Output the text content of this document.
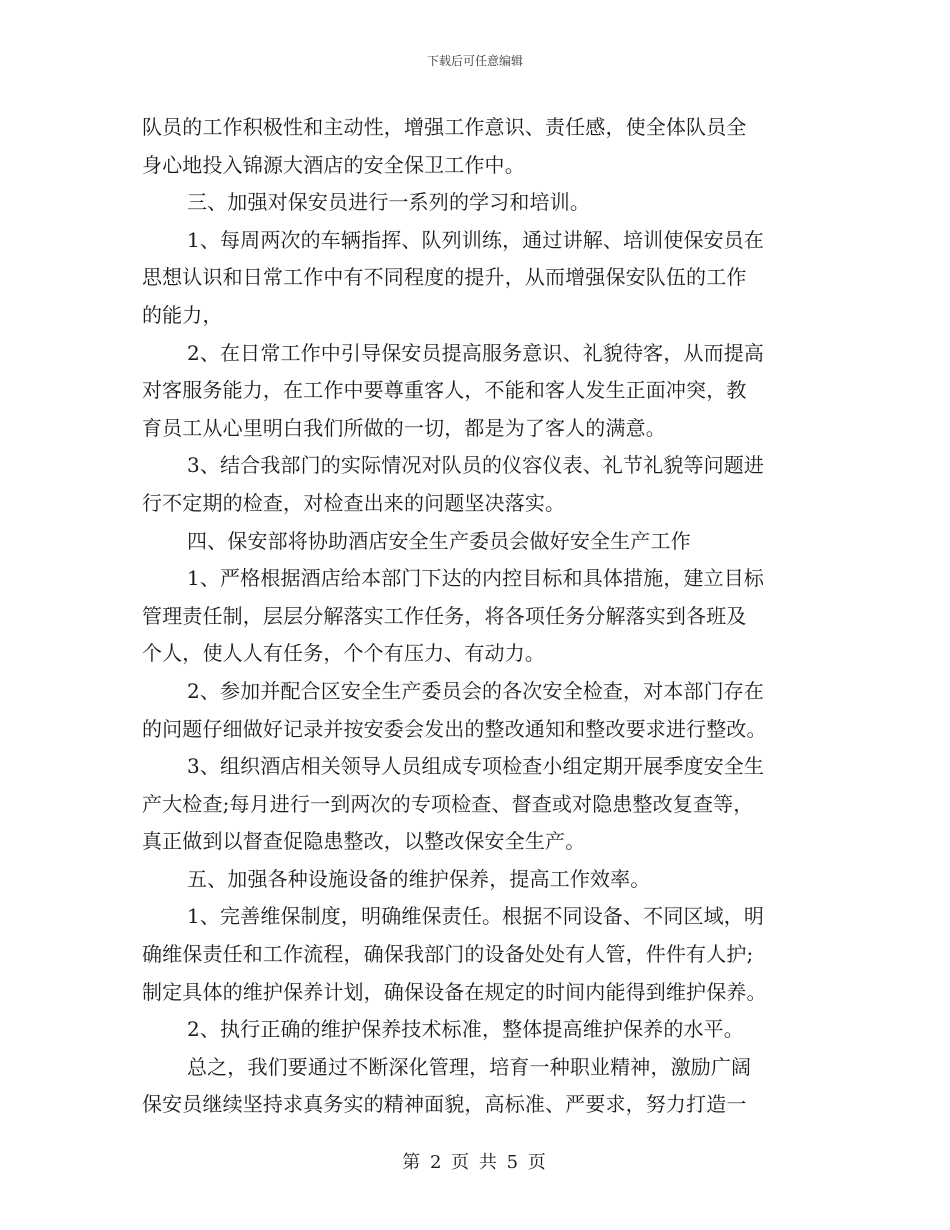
下载后可任意编辑
队员的工作积极性和主动性，增强工作意识、责任感，使全体队员全
身心地投入锦源大酒店的安全保卫工作中。
三、加强对保安员进行一系列的学习和培训。
1、每周两次的车辆指挥、队列训练，通过讲解、培训使保安员在
思想认识和日常工作中有不同程度的提升，从而增强保安队伍的工作
的能力，
2、在日常工作中引导保安员提高服务意识、礼貌待客，从而提高
对客服务能力，在工作中要尊重客人，不能和客人发生正面冲突，教
育员工从心里明白我们所做的一切，都是为了客人的满意。
3、结合我部门的实际情况对队员的仪容仪表、礼节礼貌等问题进
行不定期的检查，对检查出来的问题坚决落实。
四、保安部将协助酒店安全生产委员会做好安全生产工作
1、严格根据酒店给本部门下达的内控目标和具体措施，建立目标
管理责任制，层层分解落实工作任务，将各项任务分解落实到各班及
个人，使人人有任务，个个有压力、有动力。
2、参加并配合区安全生产委员会的各次安全检查，对本部门存在
的问题仔细做好记录并按安委会发出的整改通知和整改要求进行整改。
3、组织酒店相关领导人员组成专项检查小组定期开展季度安全生
产大检查;每月进行一到两次的专项检查、督查或对隐患整改复查等，
真正做到以督查促隐患整改，以整改保安全生产。
五、加强各种设施设备的维护保养，提高工作效率。
1、完善维保制度，明确维保责任。根据不同设备、不同区域，明
确维保责任和工作流程，确保我部门的设备处处有人管，件件有人护;
制定具体的维护保养计划，确保设备在规定的时间内能得到维护保养。
2、执行正确的维护保养技术标准，整体提高维护保养的水平。
总之，我们要通过不断深化管理，培育一种职业精神，激励广阔
保安员继续坚持求真务实的精神面貌，高标准、严要求，努力打造一
第 2 页 共 5 页
